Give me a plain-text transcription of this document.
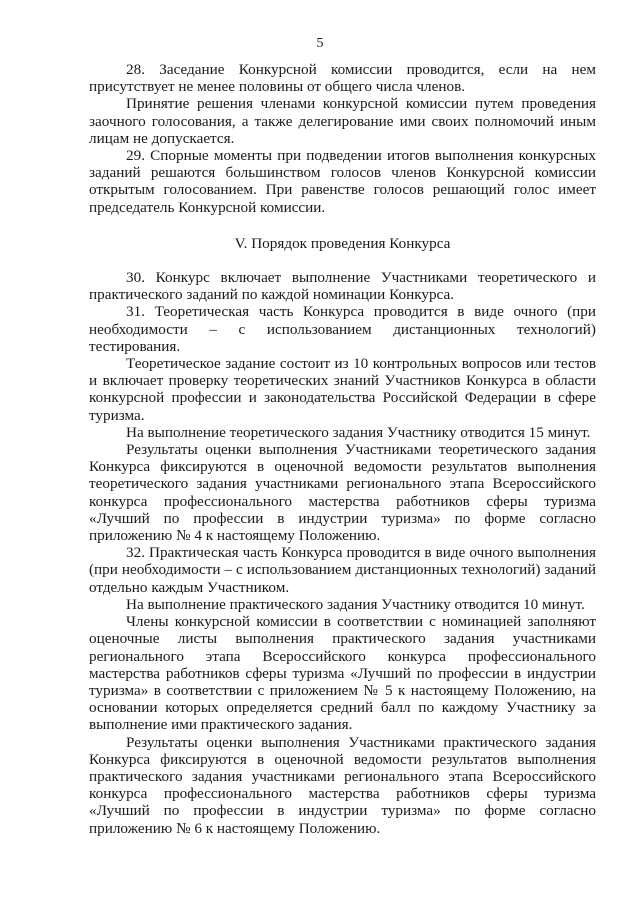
5

28. Заседание Конкурсной комиссии проводится, если на нем присутствует не менее половины от общего числа членов.

Принятие решения членами конкурсной комиссии путем проведения заочного голосования, а также делегирование ими своих полномочий иным лицам не допускается.

29. Спорные моменты при подведении итогов выполнения конкурсных заданий решаются большинством голосов членов Конкурсной комиссии открытым голосованием. При равенстве голосов решающий голос имеет председатель Конкурсной комиссии.

V. Порядок проведения Конкурса

30. Конкурс включает выполнение Участниками теоретического и практического заданий по каждой номинации Конкурса.

31. Теоретическая часть Конкурса проводится в виде очного (при необходимости – с использованием дистанционных технологий) тестирования.

Теоретическое задание состоит из 10 контрольных вопросов или тестов и включает проверку теоретических знаний Участников Конкурса в области конкурсной профессии и законодательства Российской Федерации в сфере туризма.

На выполнение теоретического задания Участнику отводится 15 минут.

Результаты оценки выполнения Участниками теоретического задания Конкурса фиксируются в оценочной ведомости результатов выполнения теоретического задания участниками регионального этапа Всероссийского конкурса профессионального мастерства работников сферы туризма «Лучший по профессии в индустрии туризма» по форме согласно приложению № 4 к настоящему Положению.

32. Практическая часть Конкурса проводится в виде очного выполнения (при необходимости – с использованием дистанционных технологий) заданий отдельно каждым Участником.

На выполнение практического задания Участнику отводится 10 минут.

Члены конкурсной комиссии в соответствии с номинацией заполняют оценочные листы выполнения практического задания участниками регионального этапа Всероссийского конкурса профессионального мастерства работников сферы туризма «Лучший по профессии в индустрии туризма» в соответствии с приложением № 5 к настоящему Положению, на основании которых определяется средний балл по каждому Участнику за выполнение ими практического задания.

Результаты оценки выполнения Участниками практического задания Конкурса фиксируются в оценочной ведомости результатов выполнения практического задания участниками регионального этапа Всероссийского конкурса профессионального мастерства работников сферы туризма «Лучший по профессии в индустрии туризма» по форме согласно приложению № 6 к настоящему Положению.
